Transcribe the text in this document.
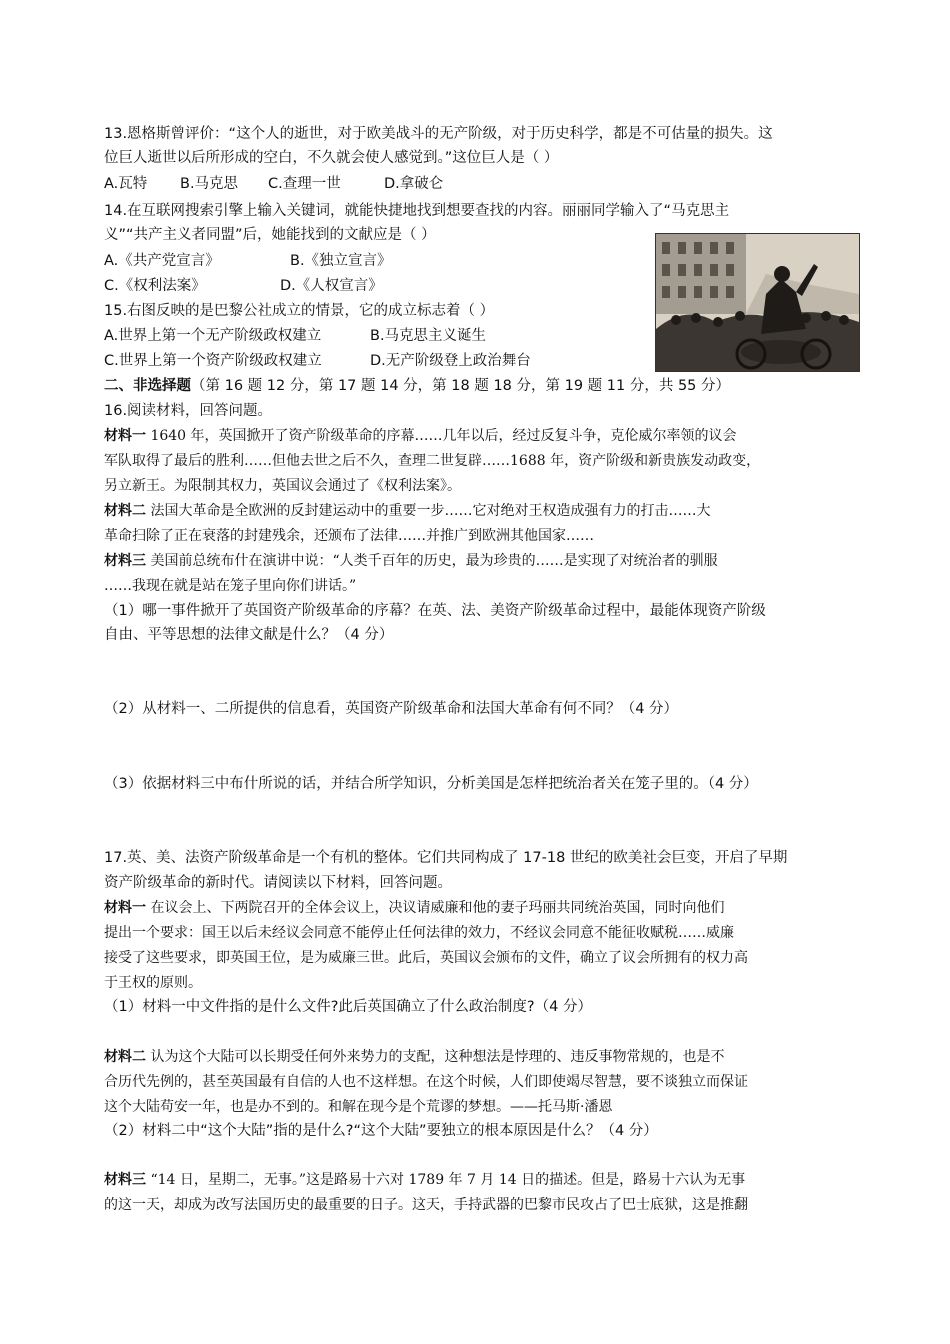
13.恩格斯曾评价：“这个人的逝世，对于欧美战斗的无产阶级，对于历史科学，都是不可估量的损失。这
位巨人逝世以后所形成的空白，不久就会使人感觉到。”这位巨人是（ ）
A.瓦特 B.马克思 C.查理一世	D.拿破仑
14.在互联网搜索引擎上输入关键词，就能快捷地找到想要查找的内容。丽丽同学输入了“马克思主
义”“共产主义者同盟”后，她能找到的文献应是（ ）
A.《共产党宣言》	B.《独立宣言》
C.《权利法案》	D.《人权宣言》
15.右图反映的是巴黎公社成立的情景，它的成立标志着（ ）
A.世界上第一个无产阶级政权建立	B.马克思主义诞生
C.世界上第一个资产阶级政权建立	D.无产阶级登上政治舞台
二、非选择题（第 16 题 12 分，第 17 题 14 分，第 18 题 18 分，第 19 题 11 分，共 55 分）
16.阅读材料，回答问题。
材料一 1640 年，英国掀开了资产阶级革命的序幕……几年以后，经过反复斗争，克伦威尔率领的议会
军队取得了最后的胜利……但他去世之后不久，查理二世复辟……1688 年，资产阶级和新贵族发动政变，
另立新王。为限制其权力，英国议会通过了《权利法案》。
材料二 法国大革命是全欧洲的反封建运动中的重要一步……它对绝对王权造成强有力的打击……大
革命扫除了正在衰落的封建残余，还颁布了法律……并推广到欧洲其他国家……
材料三 美国前总统布什在演讲中说：“人类千百年的历史，最为珍贵的……是实现了对统治者的驯服
……我现在就是站在笼子里向你们讲话。”
（1）哪一事件掀开了英国资产阶级革命的序幕？在英、法、美资产阶级革命过程中，最能体现资产阶级
自由、平等思想的法律文献是什么？（4 分）
（2）从材料一、二所提供的信息看，英国资产阶级革命和法国大革命有何不同？（4 分）
（3）依据材料三中布什所说的话，并结合所学知识，分析美国是怎样把统治者关在笼子里的。（4 分）
17.英、美、法资产阶级革命是一个有机的整体。它们共同构成了 17-18 世纪的欧美社会巨变，开启了早期
资产阶级革命的新时代。请阅读以下材料，回答问题。
材料一 在议会上、下两院召开的全体会议上，决议请威廉和他的妻子玛丽共同统治英国，同时向他们
提出一个要求：国王以后未经议会同意不能停止任何法律的效力，不经议会同意不能征收赋税……威廉
接受了这些要求，即英国王位，是为威廉三世。此后，英国议会颁布的文件，确立了议会所拥有的权力高
于王权的原则。
（1）材料一中文件指的是什么文件?此后英国确立了什么政治制度?（4 分）
材料二 认为这个大陆可以长期受任何外来势力的支配，这种想法是悖理的、违反事物常规的，也是不
合历代先例的，甚至英国最有自信的人也不这样想。在这个时候，人们即使竭尽智慧，要不谈独立而保证
这个大陆苟安一年，也是办不到的。和解在现今是个荒谬的梦想。——托马斯·潘恩
（2）材料二中“这个大陆”指的是什么?“这个大陆”要独立的根本原因是什么？（4 分）
材料三 “14 日，星期二，无事。”这是路易十六对 1789 年 7 月 14 日的描述。但是，路易十六认为无事
的这一天，却成为改写法国历史的最重要的日子。这天，手持武器的巴黎市民攻占了巴士底狱，这是推翻
